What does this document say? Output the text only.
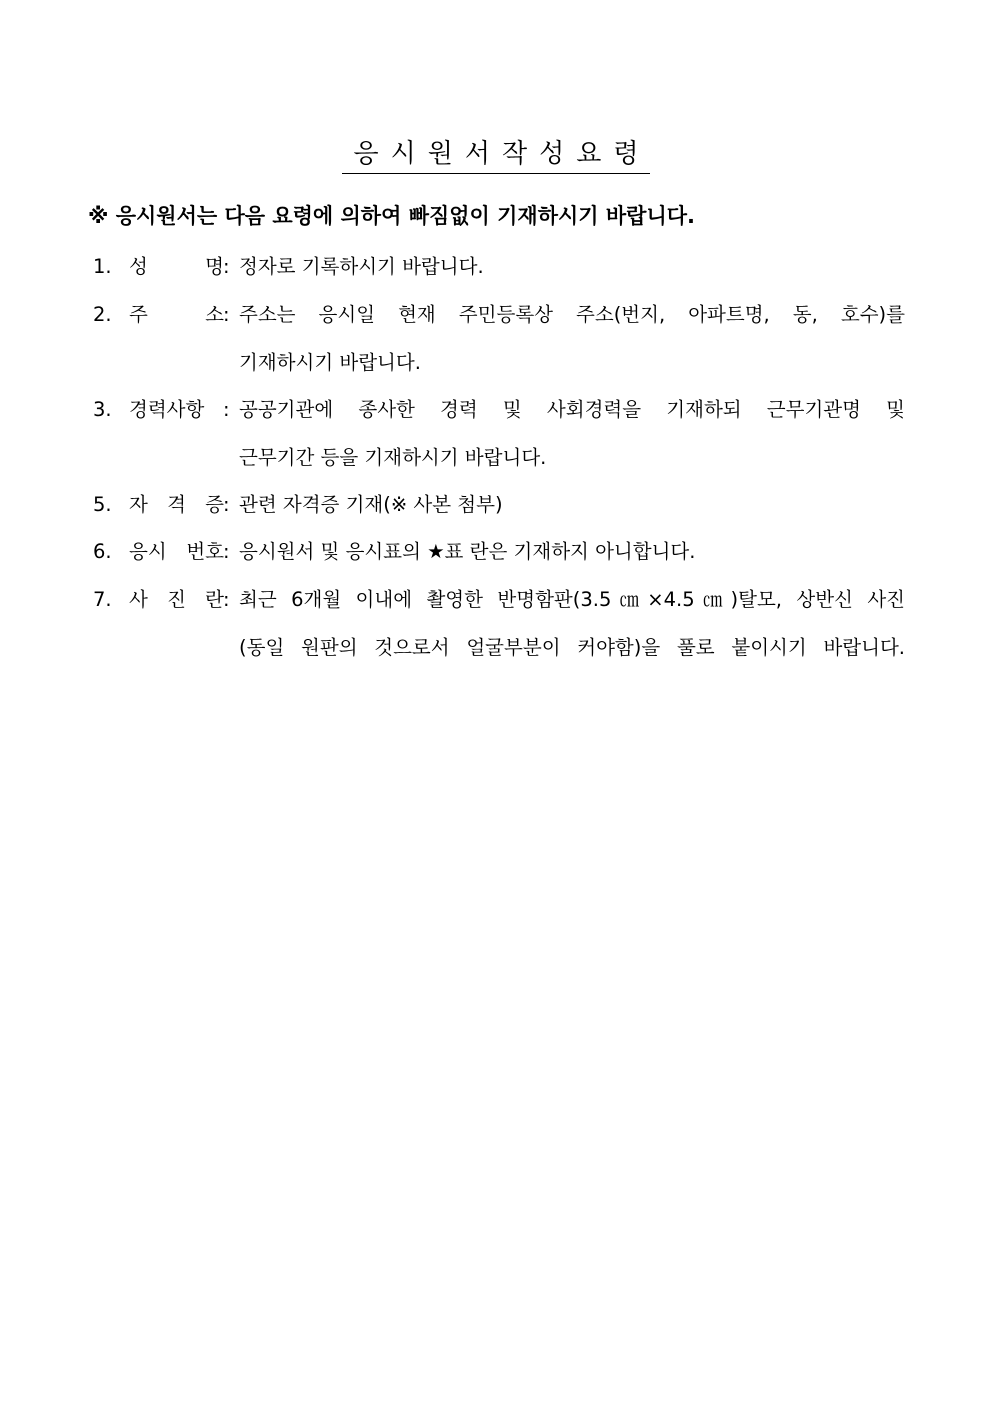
응시원서작성요령
※ 응시원서는 다음 요령에 의하여 빠짐없이 기재하시기 바랍니다.
1. 성 명 : 정자로 기록하시기 바랍니다.
2. 주 소 : 주소는 응시일 현재 주민등록상 주소(번지, 아파트명, 동, 호수)를
기재하시기 바랍니다.
3. 경력사항 : 공공기관에 종사한 경력 및 사회경력을 기재하되 근무기관명 및
근무기간 등을 기재하시기 바랍니다.
5. 자 격 증 : 관련 자격증 기재(※ 사본 첨부)
6. 응시 번호 : 응시원서 및 응시표의 ★표 란은 기재하지 아니합니다.
7. 사 진 란 : 최근 6개월 이내에 촬영한 반명함판(3.5㎝×4.5㎝)탈모, 상반신 사진
(동일 원판의 것으로서 얼굴부분이 커야함)을 풀로 붙이시기 바랍니다.
